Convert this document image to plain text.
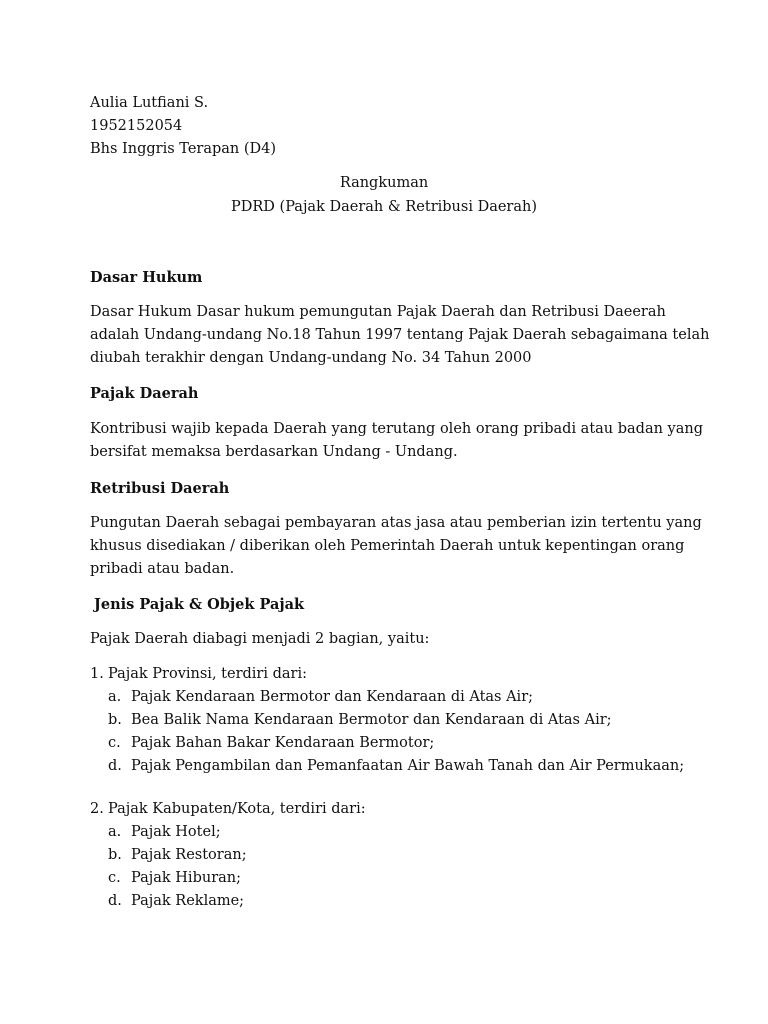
Aulia Lutfiani S.
1952152054
Bhs Inggris Terapan (D4)
Rangkuman
PDRD (Pajak Daerah & Retribusi Daerah)
Dasar Hukum
Dasar Hukum Dasar hukum pemungutan Pajak Daerah dan Retribusi Daeerah
adalah Undang-undang No.18 Tahun 1997 tentang Pajak Daerah sebagaimana telah
diubah terakhir dengan Undang-undang No. 34 Tahun 2000
Pajak Daerah
Kontribusi wajib kepada Daerah yang terutang oleh orang pribadi atau badan yang
bersifat memaksa berdasarkan Undang - Undang.
Retribusi Daerah
Pungutan Daerah sebagai pembayaran atas jasa atau pemberian izin tertentu yang
khusus disediakan / diberikan oleh Pemerintah Daerah untuk kepentingan orang
pribadi atau badan.
Jenis Pajak & Objek Pajak
Pajak Daerah diabagi menjadi 2 bagian, yaitu:
1. Pajak Provinsi, terdiri dari:
a. Pajak Kendaraan Bermotor dan Kendaraan di Atas Air;
b. Bea Balik Nama Kendaraan Bermotor dan Kendaraan di Atas Air;
c. Pajak Bahan Bakar Kendaraan Bermotor;
d. Pajak Pengambilan dan Pemanfaatan Air Bawah Tanah dan Air Permukaan;
2. Pajak Kabupaten/Kota, terdiri dari:
a. Pajak Hotel;
b. Pajak Restoran;
c. Pajak Hiburan;
d. Pajak Reklame;
